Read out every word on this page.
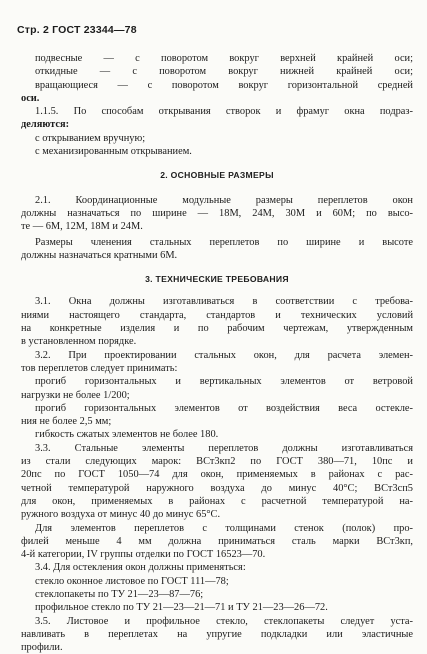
Стр. 2 ГОСТ 23344—78

подвесные — с поворотом вокруг верхней крайней оси;

откидные — с поворотом вокруг нижней крайней оси;

вращающиеся — с поворотом вокруг горизонтальной средней

оси.

1.1.5. По способам открывания створок и фрамуг окна подраз-

деляются:

с открыванием вручную;

с механизированным открыванием.

2. ОСНОВНЫЕ РАЗМЕРЫ

2.1. Координационные модульные размеры переплетов окон

должны назначаться по ширине — 18М, 24М, 30М и 60М; по высо-

те — 6М, 12М, 18М и 24М.

Размеры членения стальных переплетов по ширине и высоте

должны назначаться кратными 6М.

3. ТЕХНИЧЕСКИЕ ТРЕБОВАНИЯ

3.1. Окна должны изготавливаться в соответствии с требова-

ниями настоящего стандарта, стандартов и технических условий

на конкретные изделия и по рабочим чертежам, утвержденным

в установленном порядке.

3.2. При проектировании стальных окон, для расчета элемен-

тов переплетов следует принимать:

прогиб горизонтальных и вертикальных элементов от ветровой

нагрузки не более 1/200;

прогиб горизонтальных элементов от воздействия веса остекле-

ния не более 2,5 мм;

гибкость сжатых элементов не более 180.

3.3. Стальные элементы переплетов должны изготавливаться

из стали следующих марок: ВСт3кп2 по ГОСТ 380—71, 10пс и

20пс по ГОСТ 1050—74 для окон, применяемых в районах с рас-

четной температурой наружного воздуха до минус 40°С; ВСт3сп5

для окон, применяемых в районах с расчетной температурой на-

ружного воздуха от минус 40 до минус 65°С.

Для элементов переплетов с толщинами стенок (полок) про-

филей меньше 4 мм должна приниматься сталь марки ВСт3кп,

4-й категории, IV группы отделки по ГОСТ 16523—70.

3.4. Для остекления окон должны применяться:

стекло оконное листовое по ГОСТ 111—78;

стеклопакеты по ТУ 21—23—87—76;

профильное стекло по ТУ 21—23—21—71 и ТУ 21—23—26—72.

3.5. Листовое и профильное стекло, стеклопакеты следует уста-

навливать в переплетах на упругие подкладки или эластичные

профили.
